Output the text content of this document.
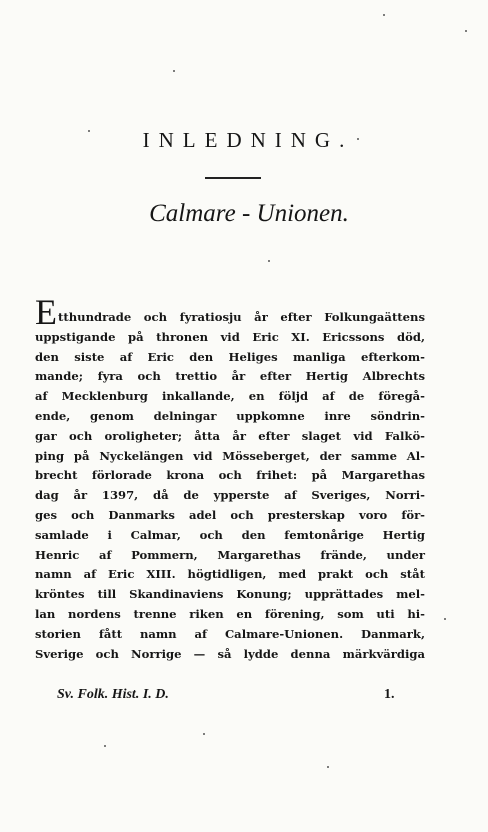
INLEDNING.
Calmare - Unionen.
Etthundrade och fyratiosju år efter Folkungaättens
uppstigande på thronen vid Eric XI. Ericssons död,
den siste af Eric den Heliges manliga efterkom-
mande; fyra och trettio år efter Hertig Albrechts
af Mecklenburg inkallande, en följd af de föregå-
ende, genom delningar uppkomne inre söndrin-
gar och oroligheter; åtta år efter slaget vid Falkö-
ping på Nyckelängen vid Mösseberget, der samme Al-
brecht förlorade krona och frihet: på Margarethas
dag år 1397, då de ypperste af Sveriges, Norri-
ges och Danmarks adel och presterskap voro för-
samlade i Calmar, och den femtonårige Hertig
Henric af Pommern, Margarethas frände, under
namn af Eric XIII. högtidligen, med prakt och ståt
kröntes till Skandinaviens Konung; upprättades mel-
lan nordens trenne riken en förening, som uti hi-
storien fått namn af Calmare-Unionen. Danmark,
Sverige och Norrige — så lydde denna märkvärdiga
Sv. Folk. Hist. I. D.	1.
